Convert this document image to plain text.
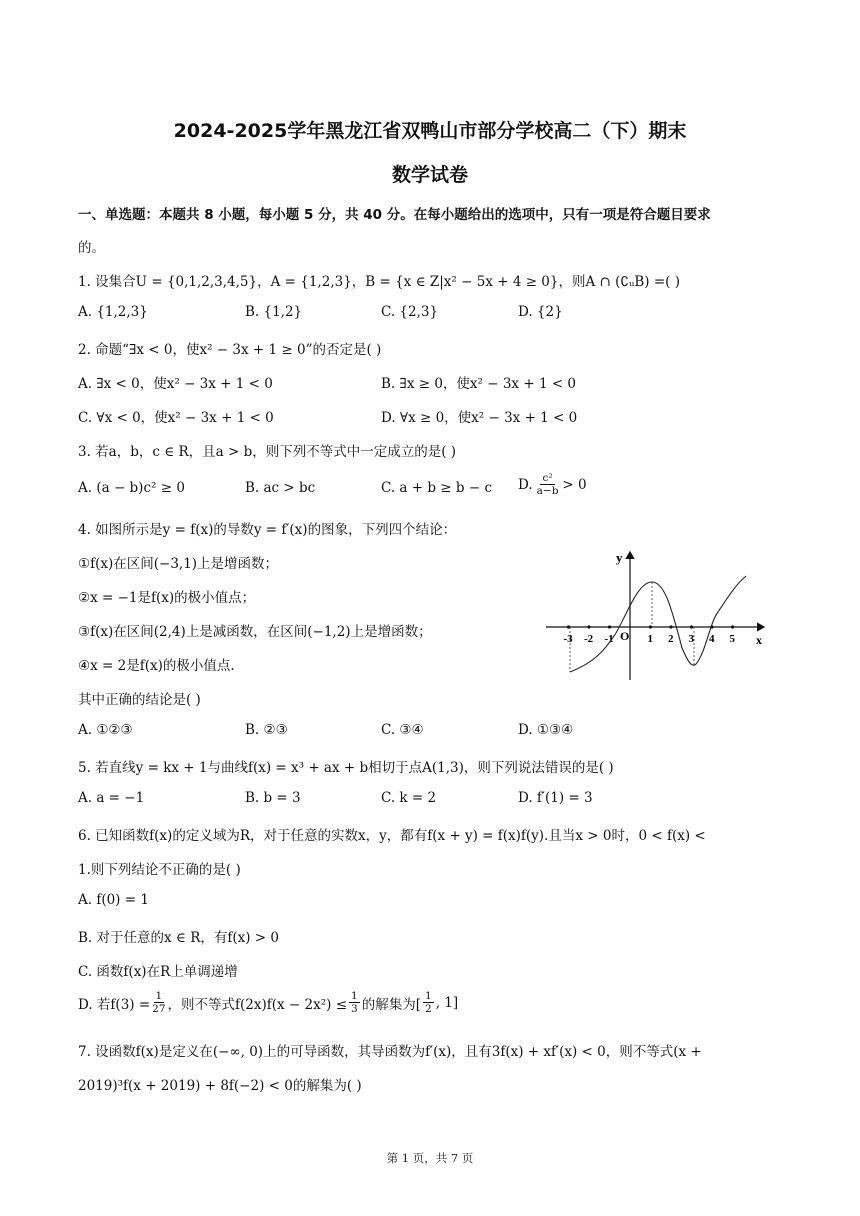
2024-2025学年黑龙江省双鸭山市部分学校高二（下）期末
数学试卷
一、单选题：本题共 8 小题，每小题 5 分，共 40 分。在每小题给出的选项中，只有一项是符合题目要求
的。
1. 设集合U = {0,1,2,3,4,5}，A = {1,2,3}，B = {x ∈ Z|x² − 5x + 4 ≥ 0}，则A ∩ (∁ᵤB) =( )
A. {1,2,3}	B. {1,2}	C. {2,3}	D. {2}
2. 命题“∃x < 0，使x² − 3x + 1 ≥ 0”的否定是( )
A. ∃x < 0，使x² − 3x + 1 < 0	B. ∃x ≥ 0，使x² − 3x + 1 < 0
C. ∀x < 0，使x² − 3x + 1 < 0	D. ∀x ≥ 0，使x² − 3x + 1 < 0
3. 若a，b，c ∈ R，且a > b，则下列不等式中一定成立的是( )
A. (a − b)c² ≥ 0	B. ac > bc	C. a + b ≥ b − c D. $\frac{\text{c²}}{a-b} > 0$
4. 如图所示是y = f(x)的导数y = f′(x)的图象，下列四个结论：
①f(x)在区间(−3,1)上是增函数；
②x = −1是f(x)的极小值点；
③f(x)在区间(2,4)上是减函数，在区间(−1,2)上是增函数；
④x = 2是f(x)的极小值点.
其中正确的结论是( )
A. ①②③	B. ②③	C. ③④	D. ①③④
y
x
O
-3 -2 -1	1 2 3 4 5
5. 若直线y = kx + 1与曲线f(x) = x³ + ax + b相切于点A(1,3)，则下列说法错误的是( )
A. a = −1	B. b = 3	C. k = 2	D. f′(1) = 3
6. 已知函数f(x)的定义域为R，对于任意的实数x，y，都有f(x + y) = f(x)f(y).且当x > 0时，0 < f(x) <
1.则下列结论不正确的是( )
A. f(0) = 1
B. 对于任意的x ∈ R，有f(x) > 0
C. 函数f(x)在R上单调递增
D. 若$f(3) = \frac{1}{27}$ ，则不等式$f(2x)f(x - 2x^2) \le \frac{1}{3}$ 的解集为[ $\frac{1}{2}$ , 1]
7. 设函数f(x)是定义在(−∞, 0)上的可导函数，其导函数为f′(x)，且有3f(x) + xf′(x) < 0，则不等式(x +
2019)³f(x + 2019) + 8f(−2) < 0的解集为( )
第 1 页，共 7 页
